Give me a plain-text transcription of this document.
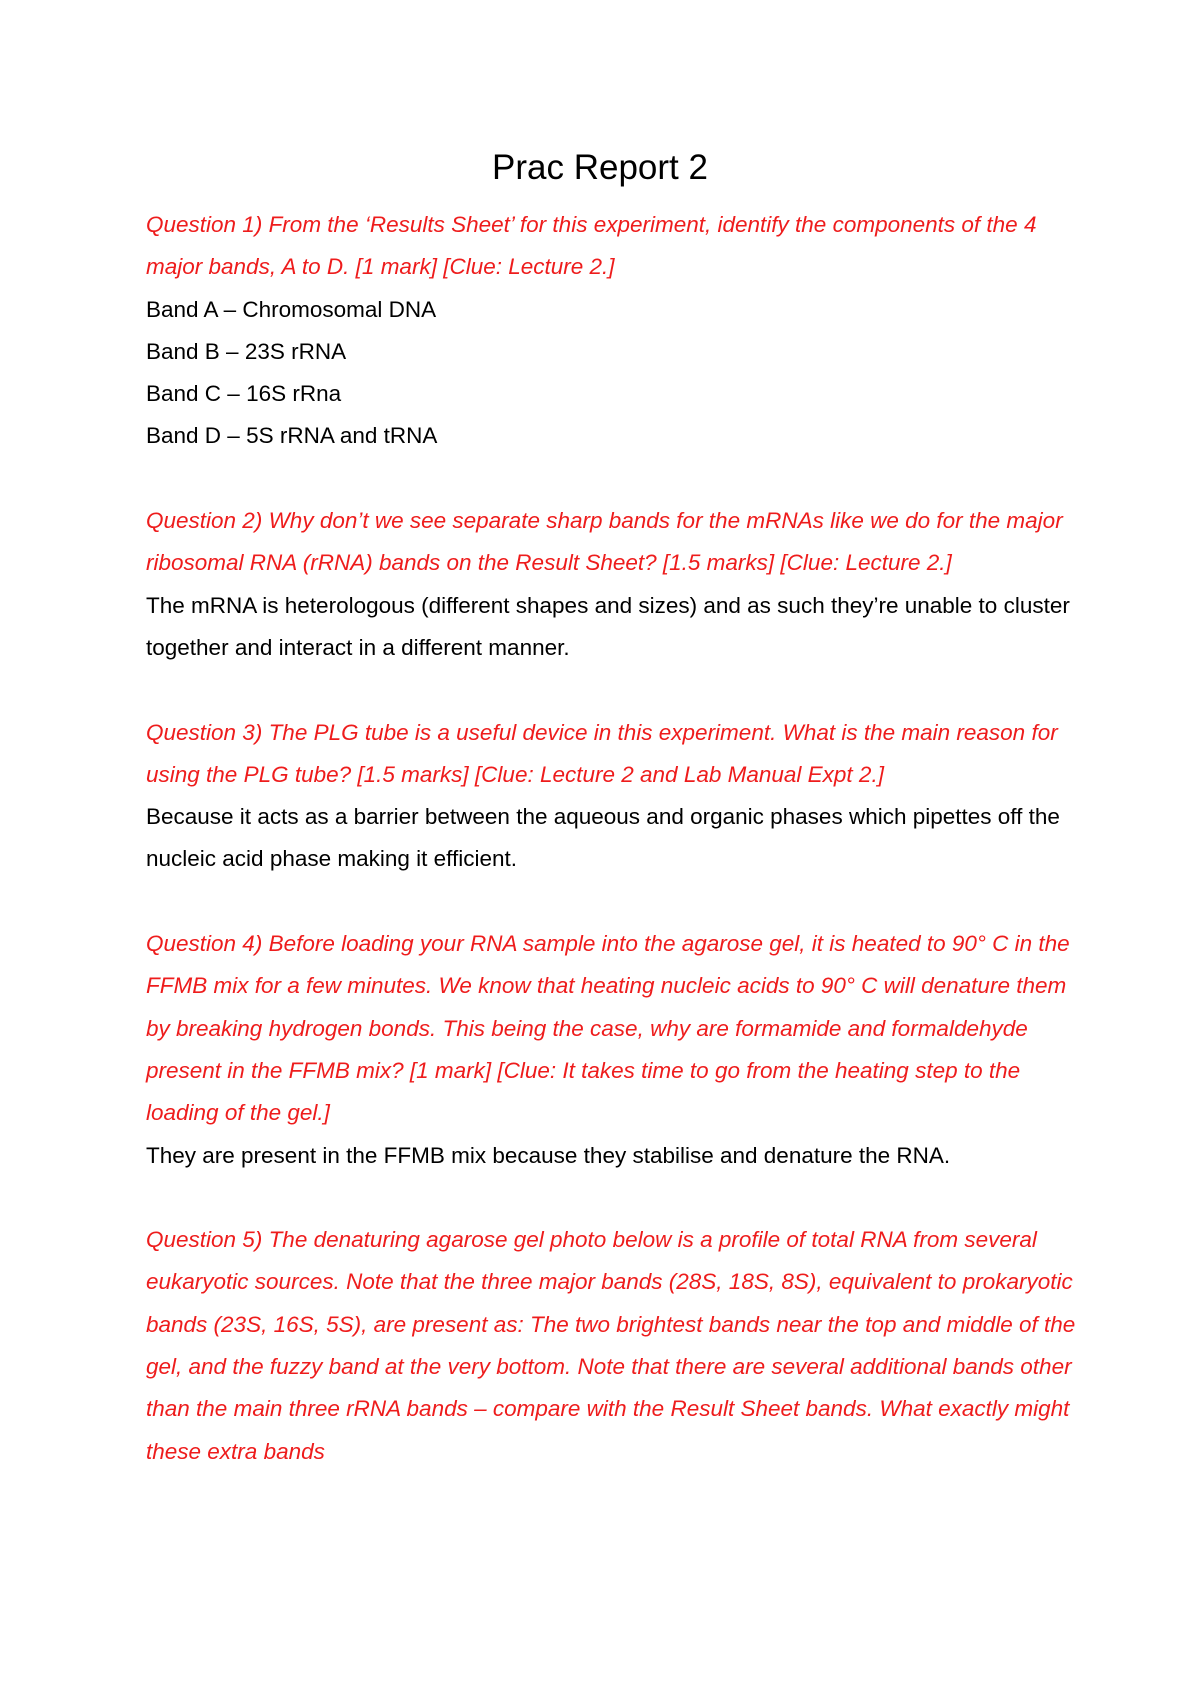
Prac Report 2

Question 1) From the ‘Results Sheet’ for this experiment, identify the components of the 4 major bands, A to D. [1 mark] [Clue: Lecture 2.]

Band A – Chromosomal DNA

Band B – 23S rRNA

Band C – 16S rRna

Band D – 5S rRNA and tRNA

Question 2) Why don’t we see separate sharp bands for the mRNAs like we do for the major ribosomal RNA (rRNA) bands on the Result Sheet? [1.5 marks] [Clue: Lecture 2.]

The mRNA is heterologous (different shapes and sizes) and as such they’re unable to cluster together and interact in a different manner.

Question 3) The PLG tube is a useful device in this experiment. What is the main reason for using the PLG tube? [1.5 marks] [Clue: Lecture 2 and Lab Manual Expt 2.]

Because it acts as a barrier between the aqueous and organic phases which pipettes off the nucleic acid phase making it efficient.

Question 4) Before loading your RNA sample into the agarose gel, it is heated to 90° C in the FFMB mix for a few minutes. We know that heating nucleic acids to 90° C will denature them by breaking hydrogen bonds. This being the case, why are formamide and formaldehyde present in the FFMB mix? [1 mark] [Clue: It takes time to go from the heating step to the loading of the gel.]

They are present in the FFMB mix because they stabilise and denature the RNA.

Question 5) The denaturing agarose gel photo below is a profile of total RNA from several eukaryotic sources. Note that the three major bands (28S, 18S, 8S), equivalent to prokaryotic bands (23S, 16S, 5S), are present as: The two brightest bands near the top and middle of the gel, and the fuzzy band at the very bottom. Note that there are several additional bands other than the main three rRNA bands – compare with the Result Sheet bands. What exactly might these extra bands
